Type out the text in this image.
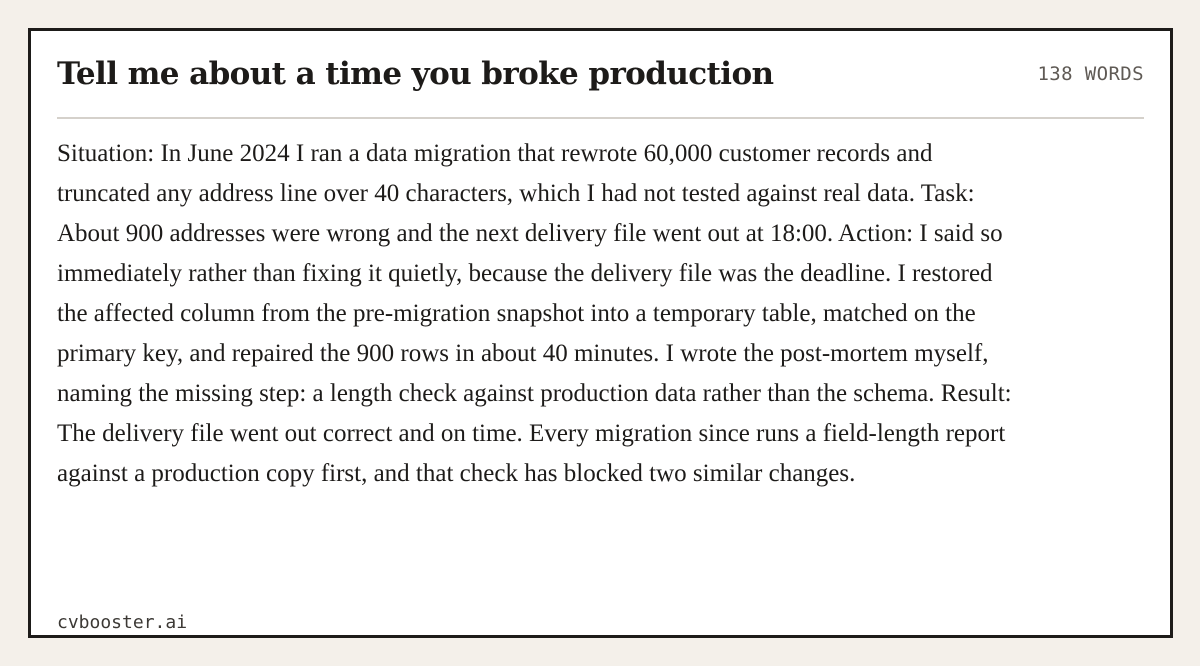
Tell me about a time you broke production	138 WORDS

Situation: In June 2024 I ran a data migration that rewrote 60,000 customer records and truncated any address line over 40 characters, which I had not tested against real data. Task: About 900 addresses were wrong and the next delivery file went out at 18:00. Action: I said so immediately rather than fixing it quietly, because the delivery file was the deadline. I restored the affected column from the pre-migration snapshot into a temporary table, matched on the primary key, and repaired the 900 rows in about 40 minutes. I wrote the post-mortem myself, naming the missing step: a length check against production data rather than the schema. Result: The delivery file went out correct and on time. Every migration since runs a field-length report against a production copy first, and that check has blocked two similar changes.

cvbooster.ai
